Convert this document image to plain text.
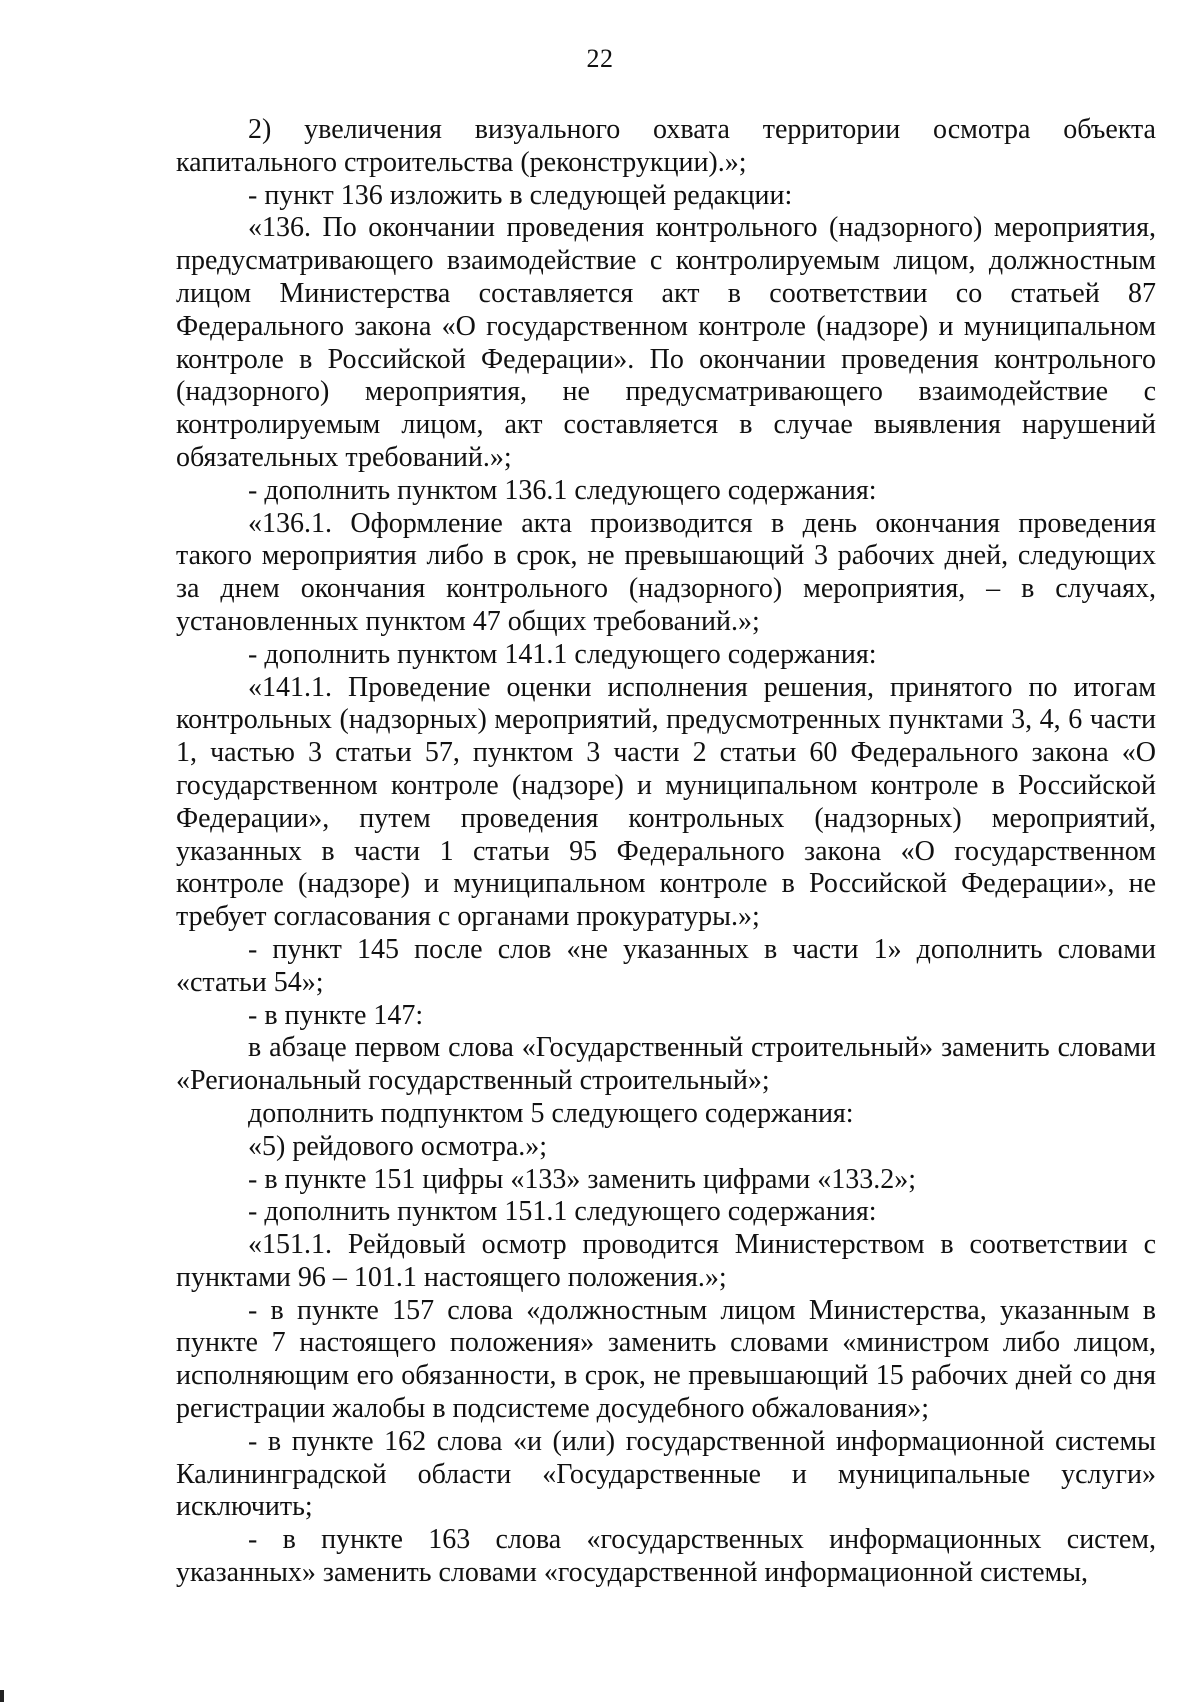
22

2) увеличения визуального охвата территории осмотра объекта капитального строительства (реконструкции).»;

- пункт 136 изложить в следующей редакции:

«136. По окончании проведения контрольного (надзорного) мероприятия, предусматривающего взаимодействие с контролируемым лицом, должностным лицом Министерства составляется акт в соответствии со статьей 87 Федерального закона «О государственном контроле (надзоре) и муниципальном контроле в Российской Федерации». По окончании проведения контрольного (надзорного) мероприятия, не предусматривающего взаимодействие с контролируемым лицом, акт составляется в случае выявления нарушений обязательных требований.»;

- дополнить пунктом 136.1 следующего содержания:

«136.1. Оформление акта производится в день окончания проведения такого мероприятия либо в срок, не превышающий 3 рабочих дней, следующих за днем окончания контрольного (надзорного) мероприятия, – в случаях, установленных пунктом 47 общих требований.»;

- дополнить пунктом 141.1 следующего содержания:

«141.1. Проведение оценки исполнения решения, принятого по итогам контрольных (надзорных) мероприятий, предусмотренных пунктами 3, 4, 6 части 1, частью 3 статьи 57, пунктом 3 части 2 статьи 60 Федерального закона «О государственном контроле (надзоре) и муниципальном контроле в Российской Федерации», путем проведения контрольных (надзорных) мероприятий, указанных в части 1 статьи 95 Федерального закона «О государственном контроле (надзоре) и муниципальном контроле в Российской Федерации», не требует согласования с органами прокуратуры.»;

- пункт 145 после слов «не указанных в части 1» дополнить словами «статьи 54»;

- в пункте 147:

в абзаце первом слова «Государственный строительный» заменить словами «Региональный государственный строительный»;

дополнить подпунктом 5 следующего содержания:

«5) рейдового осмотра.»;

- в пункте 151 цифры «133» заменить цифрами «133.2»;

- дополнить пунктом 151.1 следующего содержания:

«151.1. Рейдовый осмотр проводится Министерством в соответствии с пунктами 96 – 101.1 настоящего положения.»;

- в пункте 157 слова «должностным лицом Министерства, указанным в пункте 7 настоящего положения» заменить словами «министром либо лицом, исполняющим его обязанности, в срок, не превышающий 15 рабочих дней со дня регистрации жалобы в подсистеме досудебного обжалования»;

- в пункте 162 слова «и (или) государственной информационной системы Калининградской области «Государственные и муниципальные услуги» исключить;

- в пункте 163 слова «государственных информационных систем, указанных» заменить словами «государственной информационной системы,
